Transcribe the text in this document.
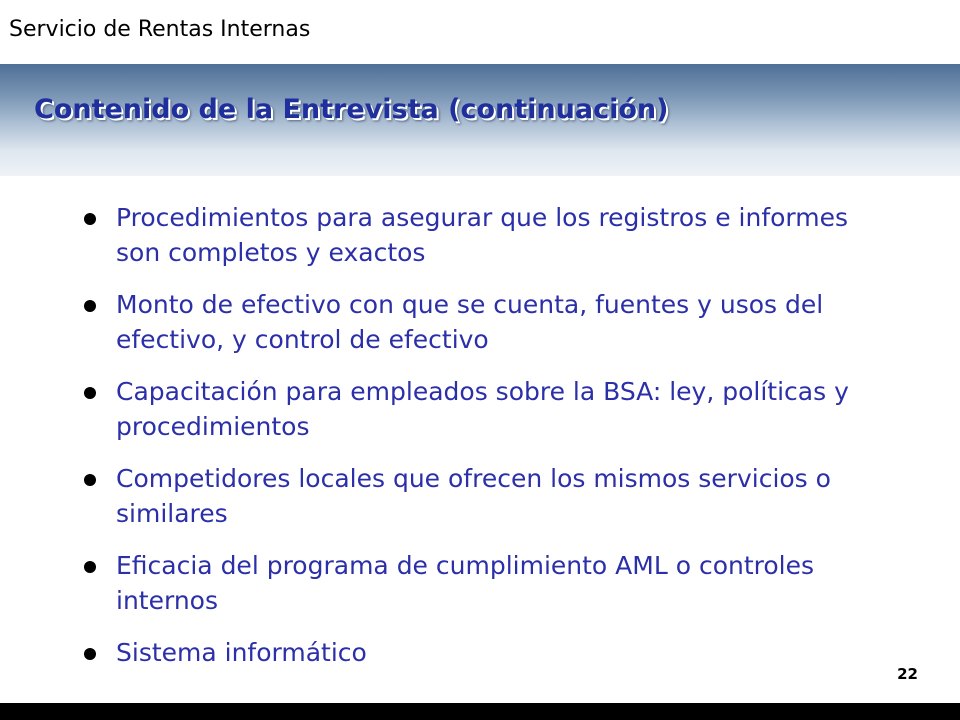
Servicio de Rentas Internas
Contenido de la Entrevista (continuación)
Procedimientos para asegurar que los registros e informes son completos y exactos
Monto de efectivo con que se cuenta, fuentes y usos del efectivo, y control de efectivo
Capacitación para empleados sobre la BSA: ley, políticas y procedimientos
Competidores locales que ofrecen los mismos servicios o similares
Eficacia del programa de cumplimiento AML o controles internos
Sistema informático
22
